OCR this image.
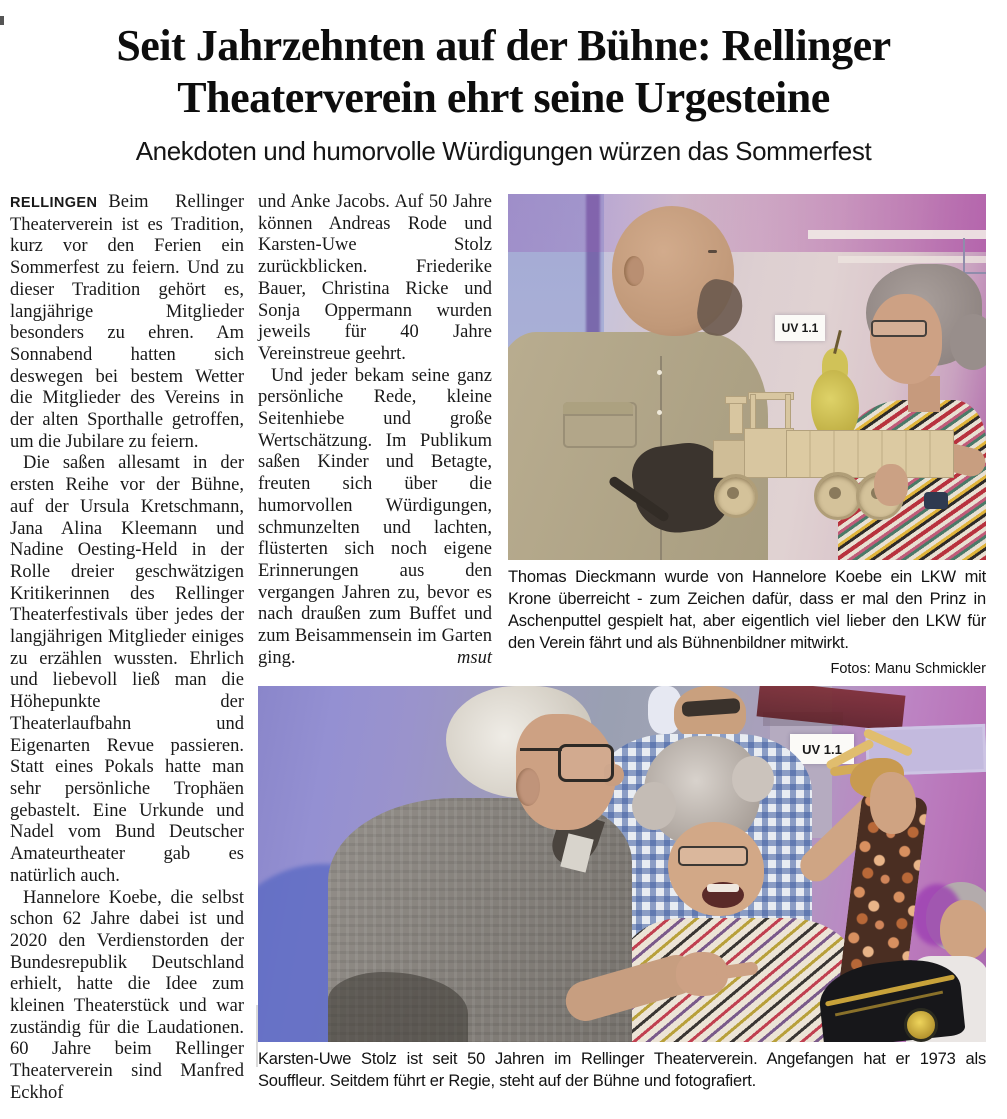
Seit Jahrzehnten auf der Bühne: Rellinger
Theaterverein ehrt seine Urgesteine
Anekdoten und humorvolle Würdigungen würzen das Sommerfest

RELLINGEN Beim Rellinger Theaterverein ist es Tradition, kurz vor den Ferien ein Sommerfest zu feiern. Und zu dieser Tradition gehört es, langjährige Mitglieder besonders zu ehren. Am Sonnabend hatten sich deswegen bei bestem Wetter die Mitglieder des Vereins in der alten Sporthalle getroffen, um die Jubilare zu feiern.

Die saßen allesamt in der ersten Reihe vor der Bühne, auf der Ursula Kretschmann, Jana Alina Kleemann und Nadine Oesting-Held in der Rolle dreier geschwätzigen Kritikerinnen des Rellinger Theaterfestivals über jedes der langjährigen Mitglieder einiges zu erzählen wussten. Ehrlich und liebevoll ließ man die Höhepunkte der Theaterlaufbahn und Eigenarten Revue passieren. Statt eines Pokals hatte man sehr persönliche Trophäen gebastelt. Eine Urkunde und Nadel vom Bund Deutscher Amateurtheater gab es natürlich auch.

Hannelore Koebe, die selbst schon 62 Jahre dabei ist und 2020 den Verdienstorden der Bundesrepublik Deutschland erhielt, hatte die Idee zum kleinen Theaterstück und war zuständig für die Laudationen. 60 Jahre beim Rellinger Theaterverein sind Manfred Eckhof

und Anke Jacobs. Auf 50 Jahre können Andreas Rode und Karsten-Uwe Stolz zurückblicken. Friederike Bauer, Christina Ricke und Sonja Oppermann wurden jeweils für 40 Jahre Vereinstreue geehrt.

Und jeder bekam seine ganz persönliche Rede, kleine Seitenhiebe und große Wertschätzung. Im Publikum saßen Kinder und Betagte, freuten sich über die humorvollen Würdigungen, schmunzelten und lachten, flüsterten sich noch eigene Erinnerungen aus den vergangen Jahren zu, bevor es nach draußen zum Buffet und zum Beisammensein im Garten ging.	msut

UV 1.1
Thomas Dieckmann wurde von Hannelore Koebe ein LKW mit Krone überreicht - zum Zeichen dafür, dass er mal den Prinz in Aschenputtel gespielt hat, aber eigentlich viel lieber den LKW für den Verein fährt und als Bühnenbildner mitwirkt.
Fotos: Manu Schmickler
UV 1.1
Karsten-Uwe Stolz ist seit 50 Jahren im Rellinger Theaterverein. Angefangen hat er 1973 als Souffleur. Seitdem führt er Regie, steht auf der Bühne und fotografiert.
